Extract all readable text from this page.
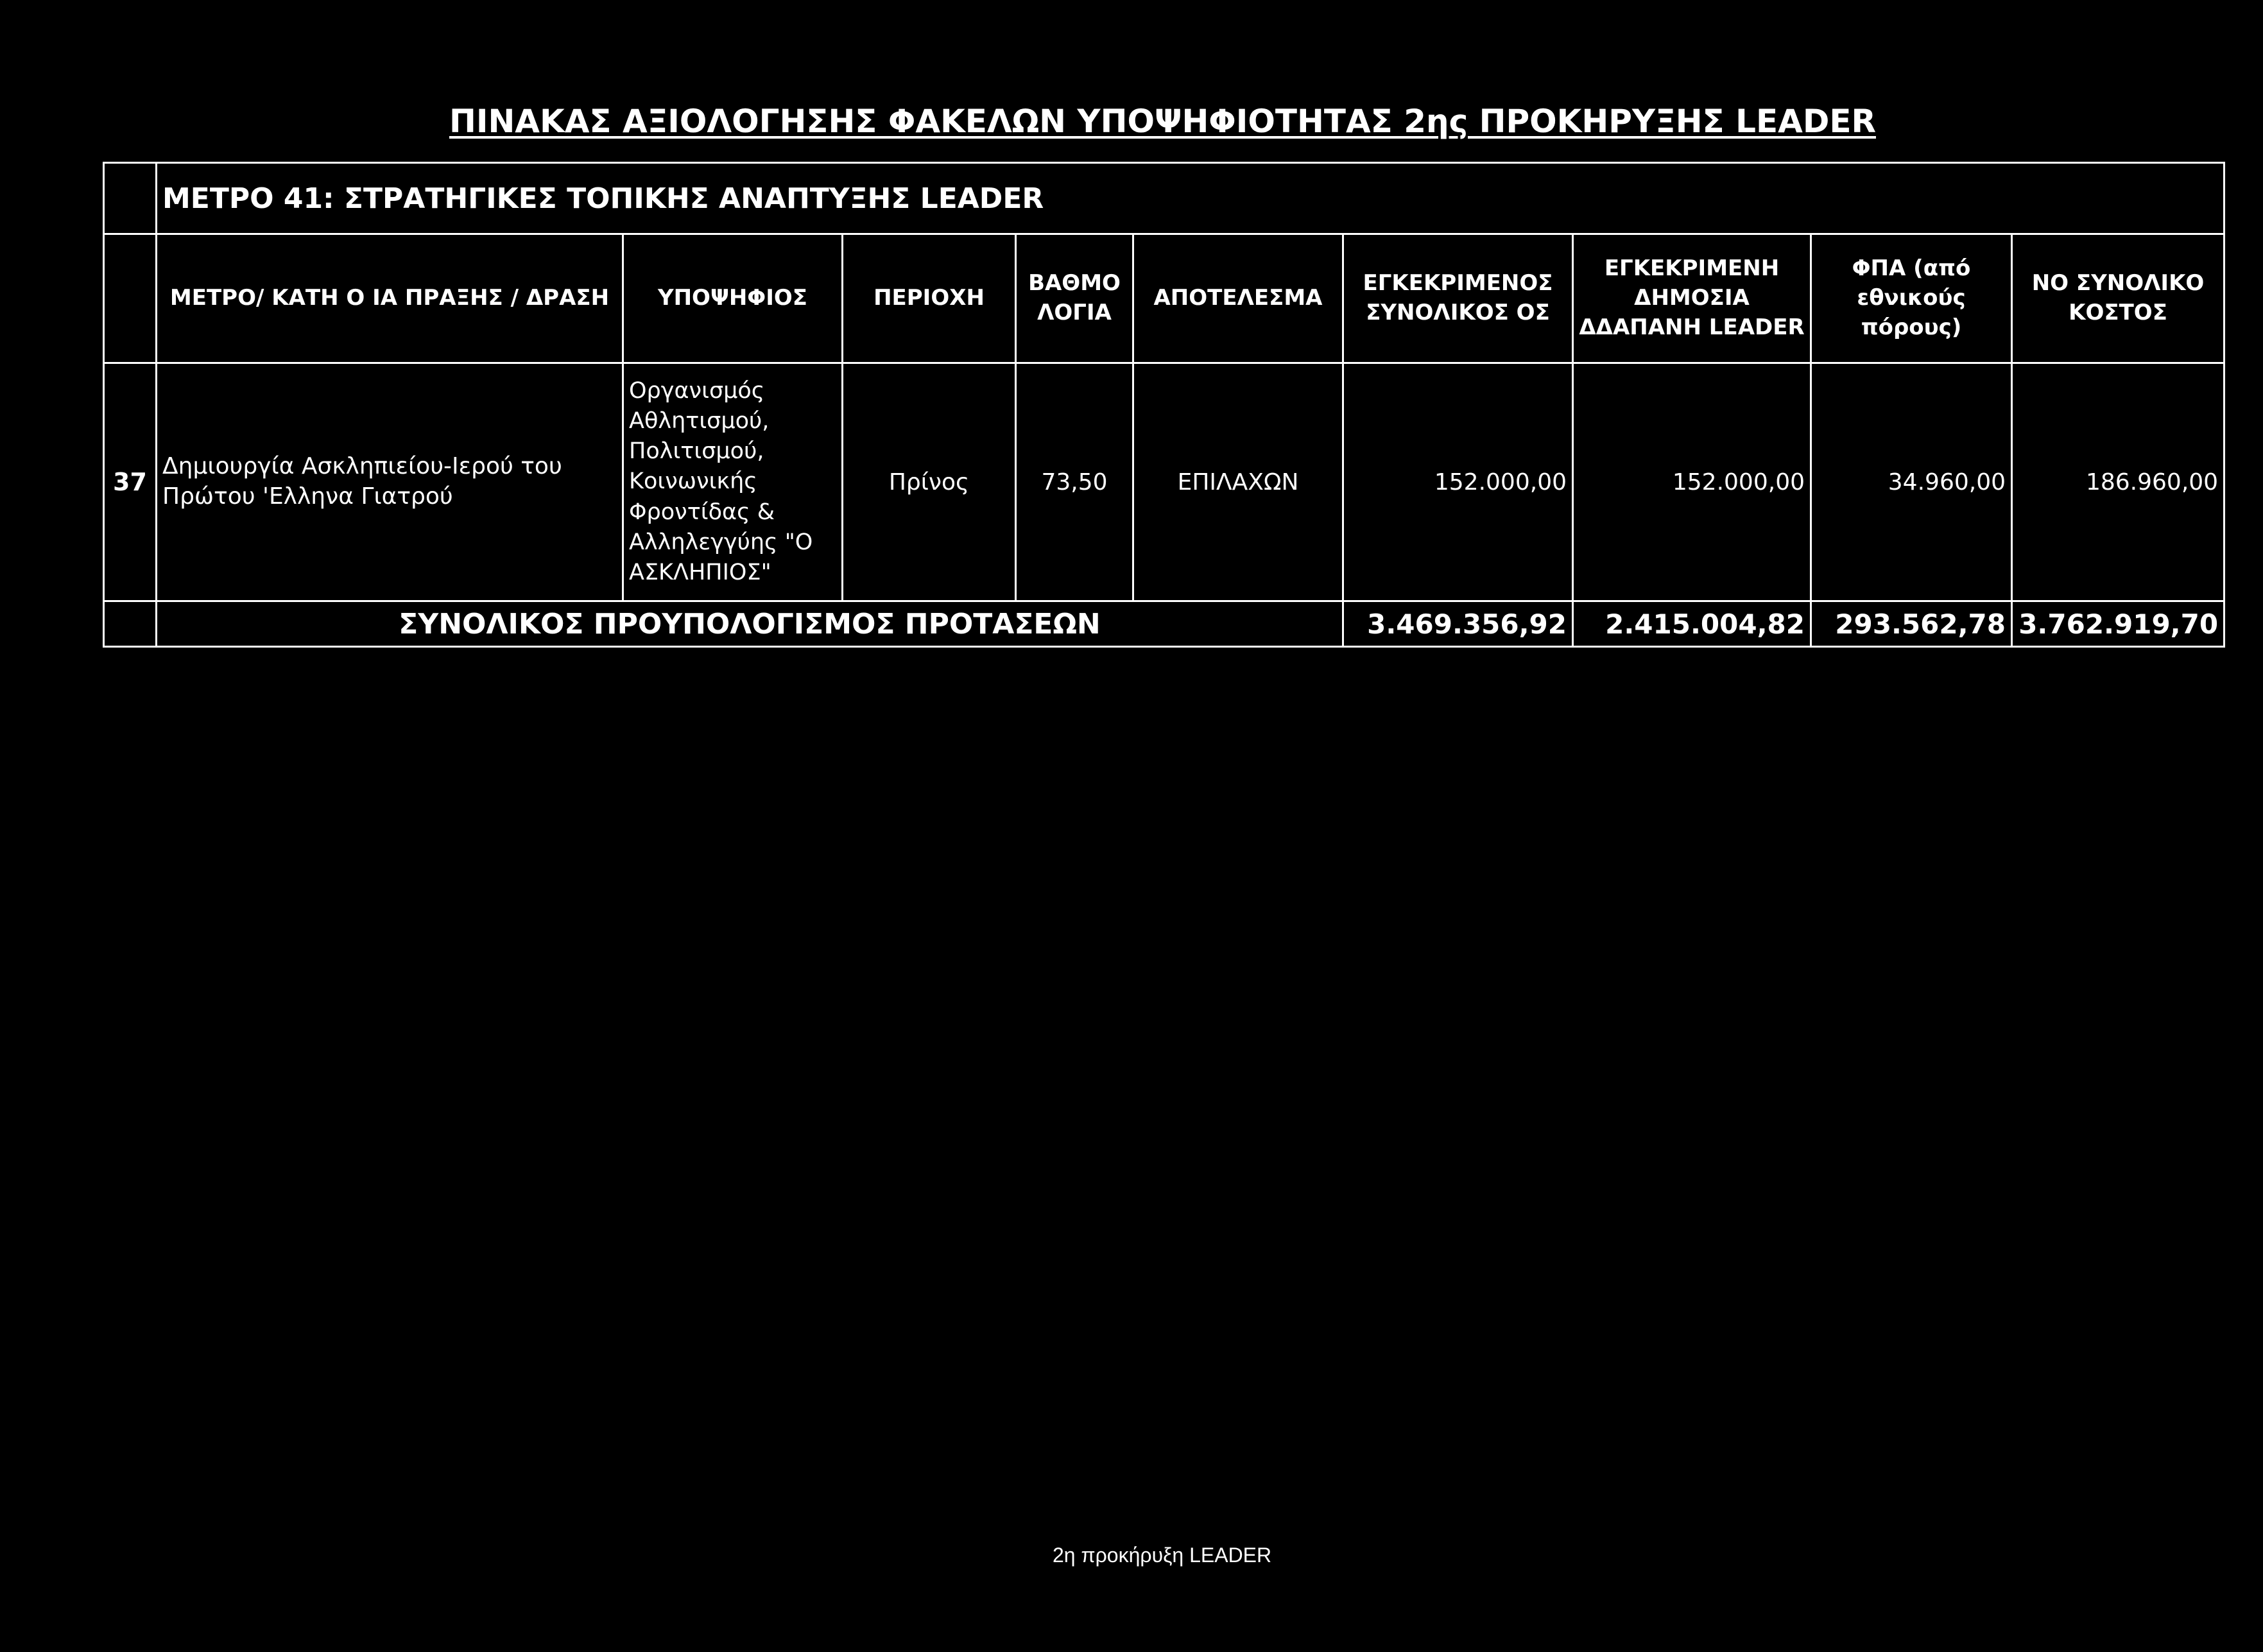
ΠΙΝΑΚΑΣ ΑΞΙΟΛΟΓΗΣΗΣ ΦΑΚΕΛΩΝ ΥΠΟΨΗΦΙΟΤΗΤΑΣ 2ης ΠΡΟΚΗΡΥΞΗΣ LEADER
	ΜΕΤΡΟ 41: ΣΤΡΑΤΗΓΙΚΕΣ ΤΟΠΙΚΗΣ ΑΝΑΠΤΥΞΗΣ LEADER								
	ΜΕΤΡΟ/ ΚΑΤΗ Ο ΙΑ ΠΡΑΞΗΣ / ΔΡΑΣΗ	ΥΠΟΨΗΦΙΟΣ	ΠΕΡΙΟΧΗ	ΒΑΘΜΟ ΛΟΓΙΑ	ΑΠΟΤΕΛΕΣΜΑ	ΕΓΚΕΚΡΙΜΕΝΟΣ ΣΥΝΟΛΙΚΟΣ ΟΣ	ΕΓΚΕΚΡΙΜΕΝΗ ΔΗΜΟΣΙΑ ΔΔΑΠΑΝΗ LEADER	ΦΠΑ (από εθνικούς πόρους)	ΝΟ ΣΥΝΟΛΙΚΟ ΚΟΣΤΟΣ
37	Δημιουργία Ασκληπιείου-Ιερού του Πρώτου 'Ελληνα Γιατρού	Οργανισμός Αθλητισμού, Πολιτισμού, Κοινωνικής Φροντίδας & Αλληλεγγύης "Ο ΑΣΚΛΗΠΙΟΣ"	Πρίνος	73,50	ΕΠΙΛΑΧΩΝ	152.000,00	152.000,00	34.960,00	186.960,00
	ΣΥΝΟΛΙΚΟΣ ΠΡΟΥΠΟΛΟΓΙΣΜΟΣ ΠΡΟΤΑΣΕΩΝ					3.469.356,92	2.415.004,82	293.562,78	3.762.919,70
2η προκήρυξη LEADER
